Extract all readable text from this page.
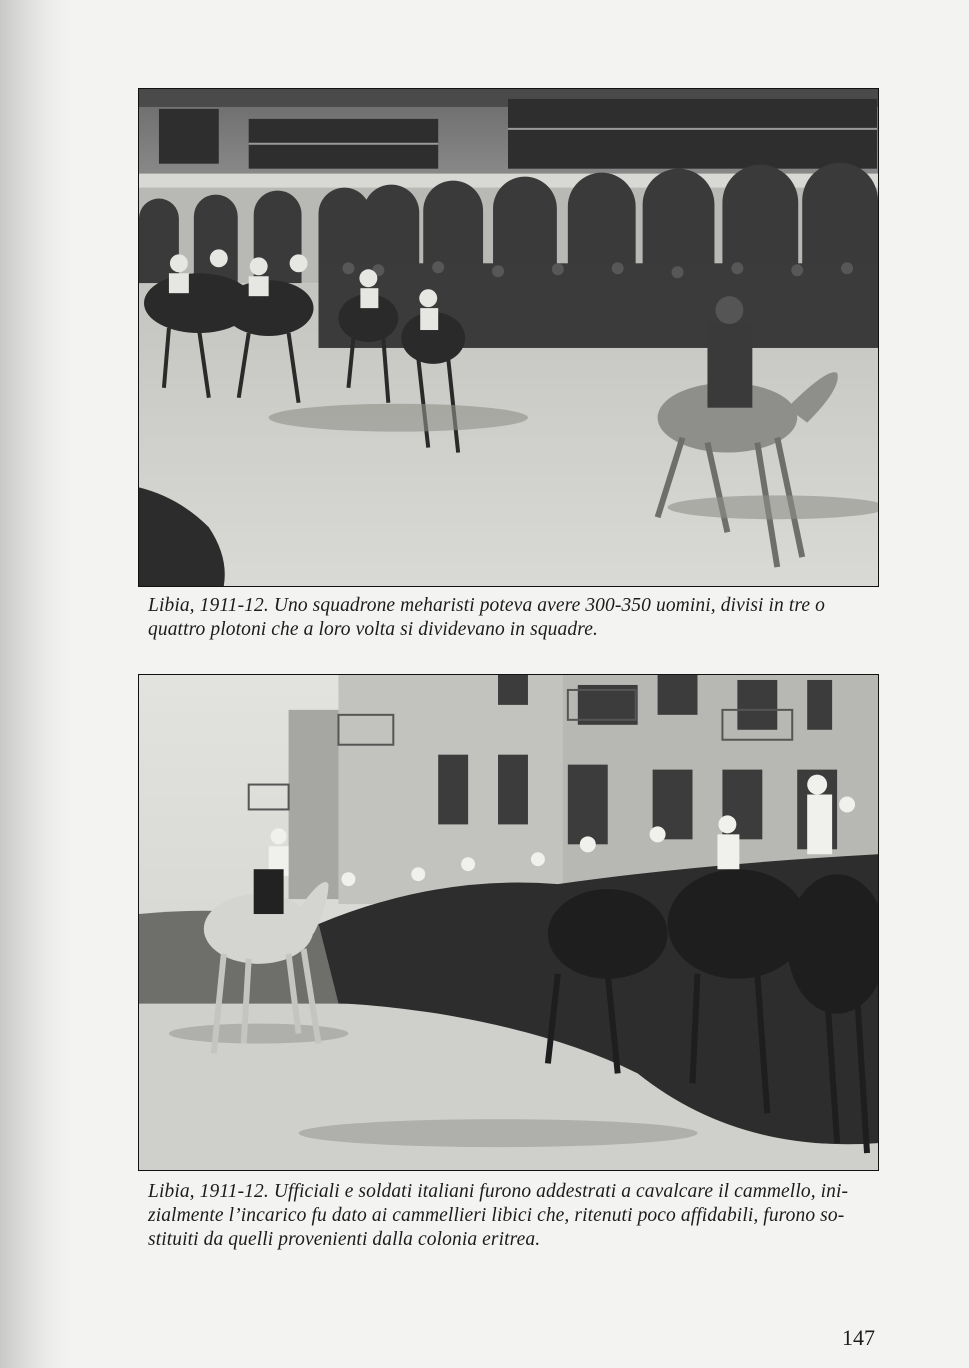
Libia, 1911-12. Uno squadrone meharisti poteva avere 300-350 uomini, divisi in tre o
quattro plotoni che a loro volta si dividevano in squadre.
Libia, 1911-12. Ufficiali e soldati italiani furono addestrati a cavalcare il cammello, ini-
zialmente l’incarico fu dato ai cammellieri libici che, ritenuti poco affidabili, furono so-
stituiti da quelli provenienti dalla colonia eritrea.
147
